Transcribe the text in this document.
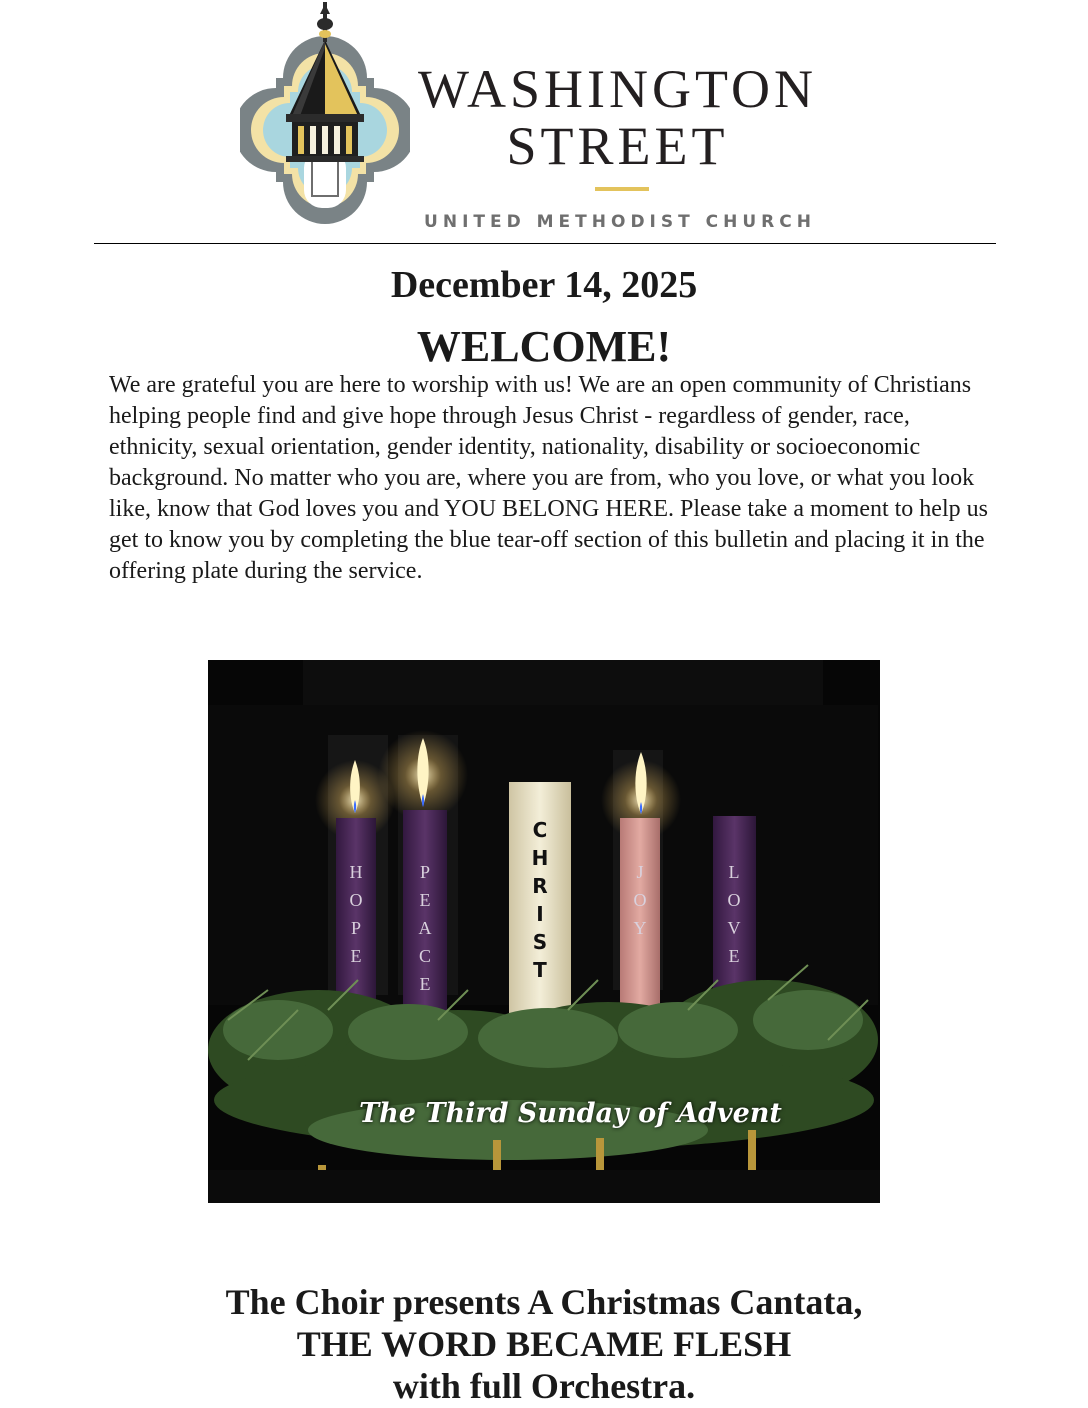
WASHINGTON
STREET
UNITED METHODIST CHURCH
December 14, 2025
WELCOME!
We are grateful you are here to worship with us! We are an open community of Christians helping people find and give hope through Jesus Christ - regardless of gender, race, ethnicity, sexual orientation, gender identity, nationality, disability or socioeconomic background. No matter who you are, where you are from, who you love, or what you look like, know that God loves you and YOU BELONG HERE. Please take a moment to help us get to know you by completing the blue tear-off section of this bulletin and placing it in the offering plate during the service.
H
O
P
E
P
E
A
C
E
C
H
R
I
S
T
J
O
Y
L
O
V
E
The Third Sunday of Advent
The Choir presents A Christmas Cantata,
THE WORD BECAME FLESH
with full Orchestra.
